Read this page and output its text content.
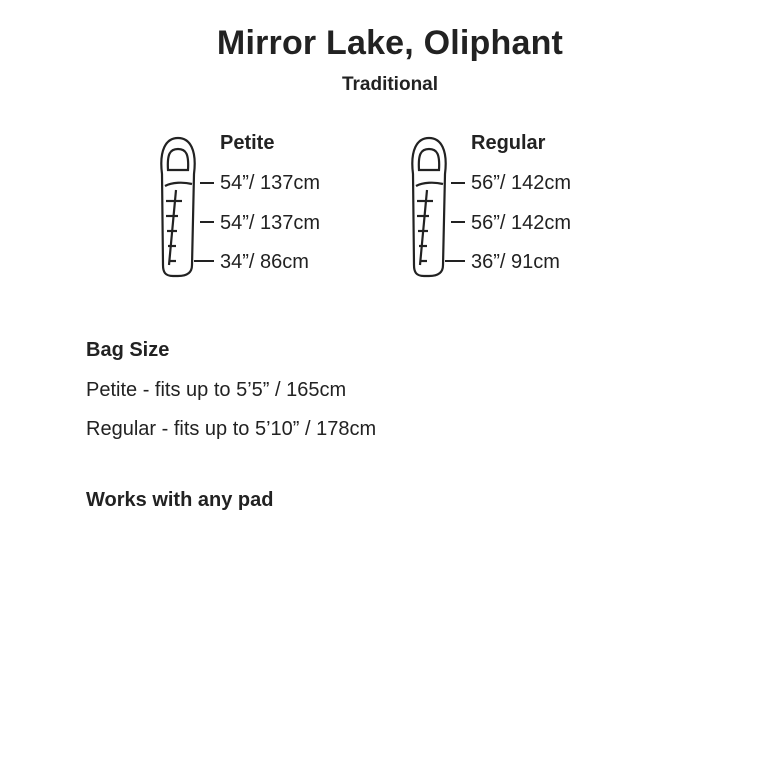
Mirror Lake, Oliphant
Traditional
Petite
54”/ 137cm
54”/ 137cm
34”/ 86cm
Regular
56”/ 142cm
56”/ 142cm
36”/ 91cm
Bag Size
Petite - fits up to 5’5” / 165cm
Regular - fits up to 5’10” / 178cm
Works with any pad
